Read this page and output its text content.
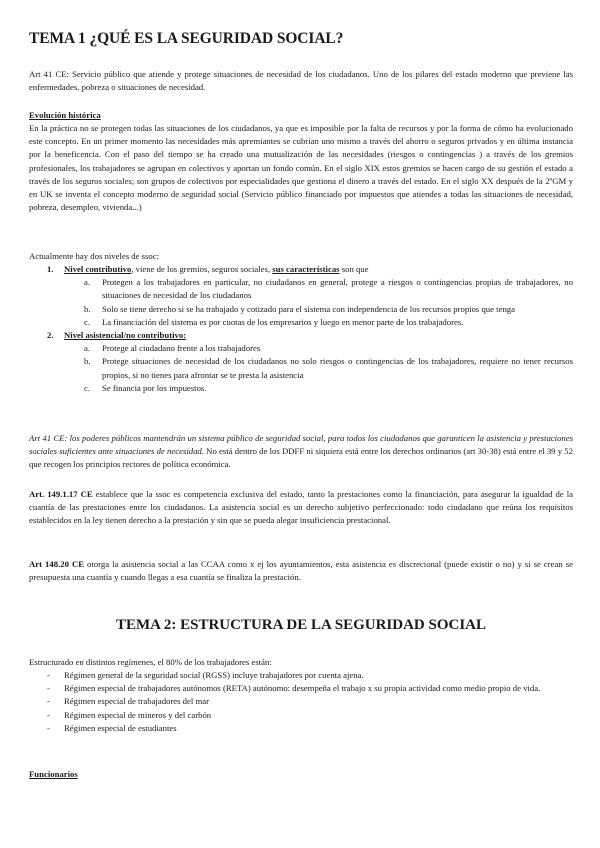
TEMA 1 ¿QUÉ ES LA SEGURIDAD SOCIAL?

Art 41 CE: Servicio público que atiende y protege situaciones de necesidad de los ciudadanos. Uno de los pilares del estado moderno que previene las enfermedades, pobreza o situaciones de necesidad.

Evolución histórica

En la práctica no se protegen todas las situaciones de los ciudadanos, ya que es imposible por la falta de recursos y por la forma de cómo ha evolucionado este concepto. En un primer momento las necesidades más apremiantes se cubrían uno mismo a través del ahorro o seguros privados y en última instancia por la beneficencia. Con el paso del tiempo se ha creado una mutualización de las necesidades (riesgos o contingencias ) a través de los gremios profesionales, los trabajadores se agrupan en colectivos y aportan un fondo común. En el siglo XIX estos gremios se hacen cargo de su gestión el estado a través de los seguros sociales; son grupos de colectivos por especialidades que gestiona el dinero a través del estado. En el siglo XX después de la 2ºGM y en UK se inventa el concepto moderno de seguridad social (Servicio público financiado por impuestos que atiendes a todas las situaciones de necesidad, pobreza, desempleo, vivienda...)

Actualmente hay dos niveles de ssoc:

1. Nivel contributivo, viene de los gremios, seguros sociales, sus características son que
a. Protegen a los trabajadores en particular, no ciudadanos en general, protege a riesgos o contingencias propias de trabajadores, no situaciones de necesidad de los ciudadanos
b. Solo se tiene derecho si se ha trabajado y cotizado para el sistema con independencia de los recursos propios que tenga
c. La financiación del sistema es por cuotas de los empresarios y luego en menor parte de los trabajadores.
2. Nivel asistencial/no contributivo:
a. Protege al ciudadano frente a los trabajadores
b. Protege situaciones de necesidad de los ciudadanos no solo riesgos o contingencias de los trabajadores, requiere no tener recursos propios, si no tienes para afrontar se te presta la asistencia
c. Se financia por los impuestos.

Art 41 CE: los poderes públicos mantendrán un sistema público de seguridad social, para todos los ciudadanos que garanticen la asistencia y prestaciones sociales suficientes ante situaciones de necesidad. No está dentro de los DDFF ni siquiera está entre los derechos ordinarios (art 30-38) está entre el 39 y 52 que recogen los principios rectores de política económica.

Art. 149.1.17 CE establece que la ssoc es competencia exclusiva del estado, tanto la prestaciones como la financiación, para asegurar la igualdad de la cuantía de las prestaciones entre los ciudadanos. La asistencia social es un derecho subjetivo perfeccionado: todo ciudadano que reúna los requisitos establecidos en la ley tienen derecho a la prestación y sin que se pueda alegar insuficiencia prestacional.

Art 148.20 CE otorga la asistencia social a las CCAA como x ej los ayuntamientos, esta asistencia es discrecional (puede existir o no) y si se crean se presupuesta una cuantía y cuando llegas a esa cuantía se finaliza la prestación.

TEMA 2: ESTRUCTURA DE LA SEGURIDAD SOCIAL

Estructurado en distintos regímenes, el 80% de los trabajadores están:

- Régimen general de la seguridad social (RGSS) incluye trabajadores por cuenta ajena.
- Régimen especial de trabajadores autónomos (RETA) autónomo: desempeña el trabajo x su propia actividad como medio propio de vida.
- Régimen especial de trabajadores del mar
- Régimen especial de mineros y del carbón
- Régimen especial de estudiantes
Funcionarios
